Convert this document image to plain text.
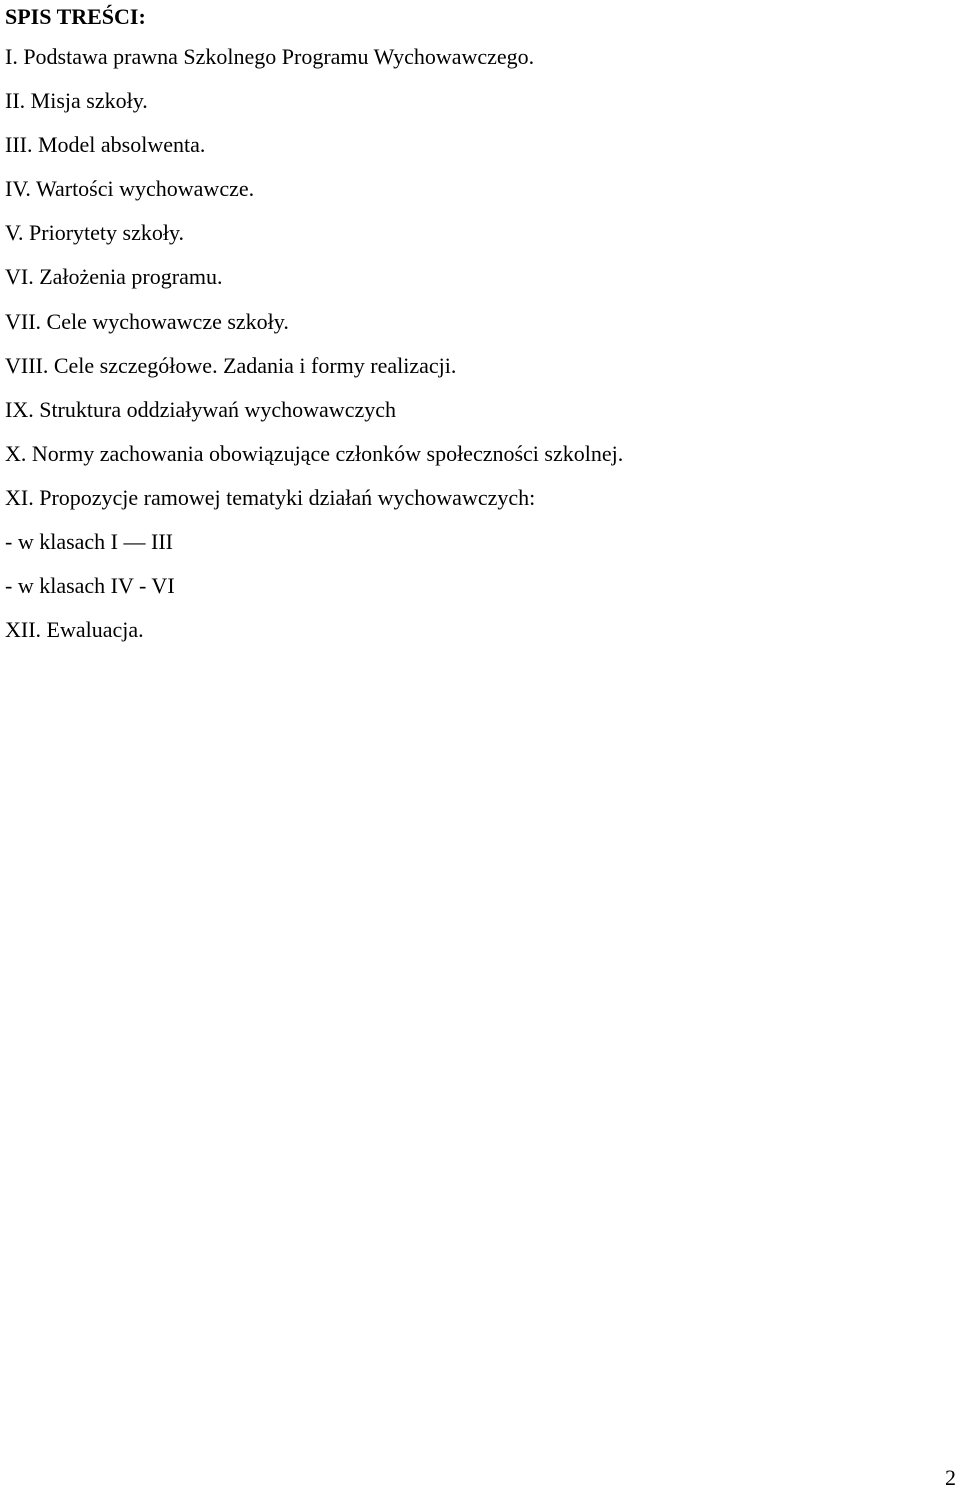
SPIS TREŚCI:
I. Podstawa prawna Szkolnego Programu Wychowawczego.
II. Misja szkoły.
III. Model absolwenta.
IV. Wartości wychowawcze.
V. Priorytety szkoły.
VI. Założenia programu.
VII. Cele wychowawcze szkoły.
VIII. Cele szczegółowe. Zadania i formy realizacji.
IX. Struktura oddziaływań wychowawczych
X. Normy zachowania obowiązujące członków społeczności szkolnej.
XI. Propozycje ramowej tematyki działań wychowawczych:
- w klasach I — III
- w klasach IV - VI
XII. Ewaluacja.
2
